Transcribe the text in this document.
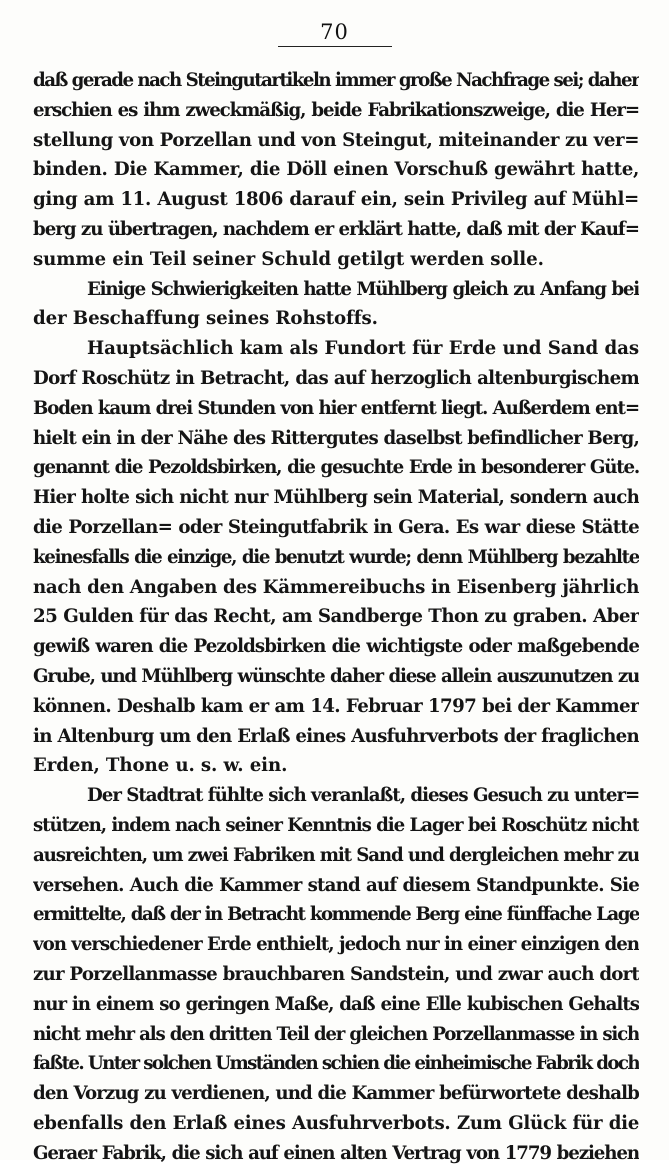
70
daß gerade nach Steingutartikeln immer große Nachfrage sei; daher
erschien es ihm zweckmäßig, beide Fabrikationszweige, die Her=
stellung von Porzellan und von Steingut, miteinander zu ver=
binden. Die Kammer, die Döll einen Vorschuß gewährt hatte,
ging am 11. August 1806 darauf ein, sein Privileg auf Mühl=
berg zu übertragen, nachdem er erklärt hatte, daß mit der Kauf=
summe ein Teil seiner Schuld getilgt werden solle.
Einige Schwierigkeiten hatte Mühlberg gleich zu Anfang bei
der Beschaffung seines Rohstoffs.
Hauptsächlich kam als Fundort für Erde und Sand das
Dorf Roschütz in Betracht, das auf herzoglich altenburgischem
Boden kaum drei Stunden von hier entfernt liegt. Außerdem ent=
hielt ein in der Nähe des Rittergutes daselbst befindlicher Berg,
genannt die Pezoldsbirken, die gesuchte Erde in besonderer Güte.
Hier holte sich nicht nur Mühlberg sein Material, sondern auch
die Porzellan= oder Steingutfabrik in Gera. Es war diese Stätte
keinesfalls die einzige, die benutzt wurde; denn Mühlberg bezahlte
nach den Angaben des Kämmereibuchs in Eisenberg jährlich
25 Gulden für das Recht, am Sandberge Thon zu graben. Aber
gewiß waren die Pezoldsbirken die wichtigste oder maßgebende
Grube, und Mühlberg wünschte daher diese allein auszunutzen zu
können. Deshalb kam er am 14. Februar 1797 bei der Kammer
in Altenburg um den Erlaß eines Ausfuhrverbots der fraglichen
Erden, Thone u. s. w. ein.
Der Stadtrat fühlte sich veranlaßt, dieses Gesuch zu unter=
stützen, indem nach seiner Kenntnis die Lager bei Roschütz nicht
ausreichten, um zwei Fabriken mit Sand und dergleichen mehr zu
versehen. Auch die Kammer stand auf diesem Standpunkte. Sie
ermittelte, daß der in Betracht kommende Berg eine fünffache Lage
von verschiedener Erde enthielt, jedoch nur in einer einzigen den
zur Porzellanmasse brauchbaren Sandstein, und zwar auch dort
nur in einem so geringen Maße, daß eine Elle kubischen Gehalts
nicht mehr als den dritten Teil der gleichen Porzellanmasse in sich
faßte. Unter solchen Umständen schien die einheimische Fabrik doch
den Vorzug zu verdienen, und die Kammer befürwortete deshalb
ebenfalls den Erlaß eines Ausfuhrverbots. Zum Glück für die
Geraer Fabrik, die sich auf einen alten Vertrag von 1779 beziehen
